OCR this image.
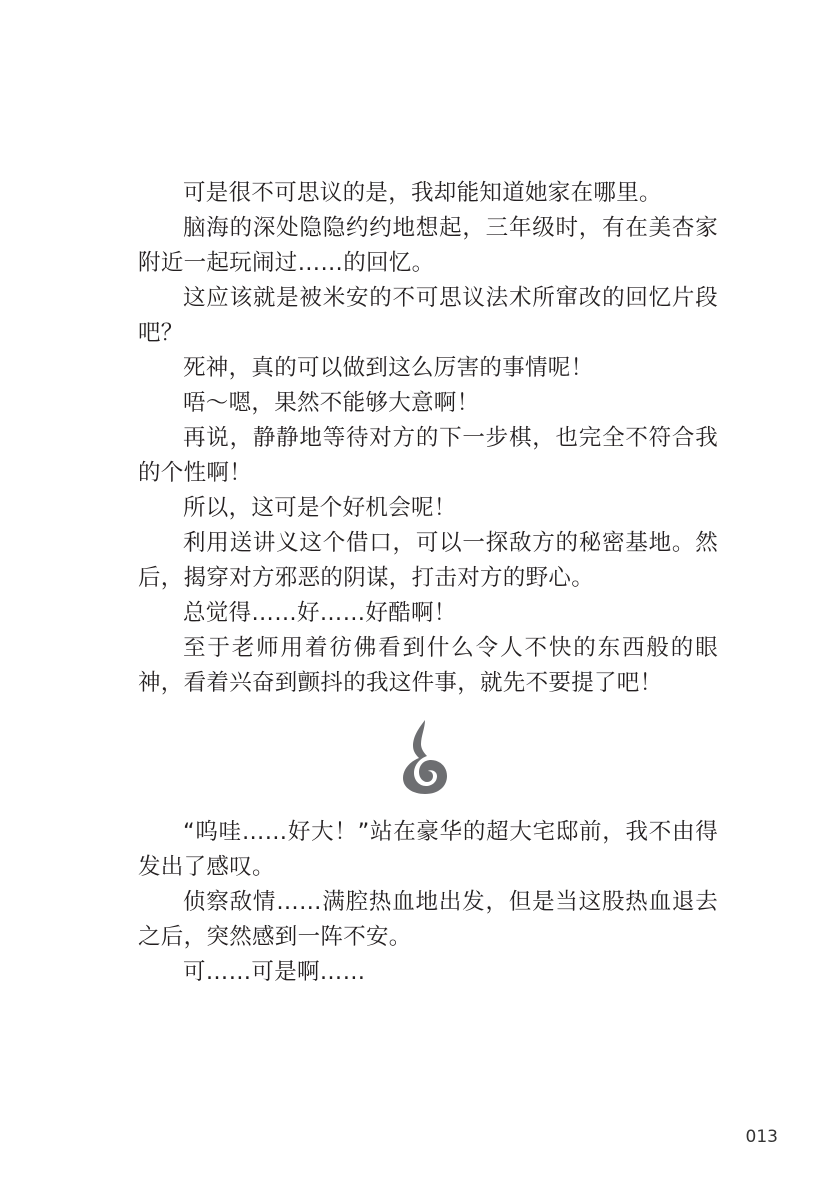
可是很不可思议的是，我却能知道她家在哪里。

脑海的深处隐隐约约地想起，三年级时，有在美杏家附近一起玩闹过……的回忆。

这应该就是被米安的不可思议法术所窜改的回忆片段吧？

死神，真的可以做到这么厉害的事情呢！

唔～嗯，果然不能够大意啊！

再说，静静地等待对方的下一步棋，也完全不符合我的个性啊！

所以，这可是个好机会呢！

利用送讲义这个借口，可以一探敌方的秘密基地。然后，揭穿对方邪恶的阴谋，打击对方的野心。

总觉得……好……好酷啊！

至于老师用着彷佛看到什么令人不快的东西般的眼神，看着兴奋到颤抖的我这件事，就先不要提了吧！

“呜哇……好大！”站在豪华的超大宅邸前，我不由得发出了感叹。

侦察敌情……满腔热血地出发，但是当这股热血退去之后，突然感到一阵不安。

可……可是啊……

013
